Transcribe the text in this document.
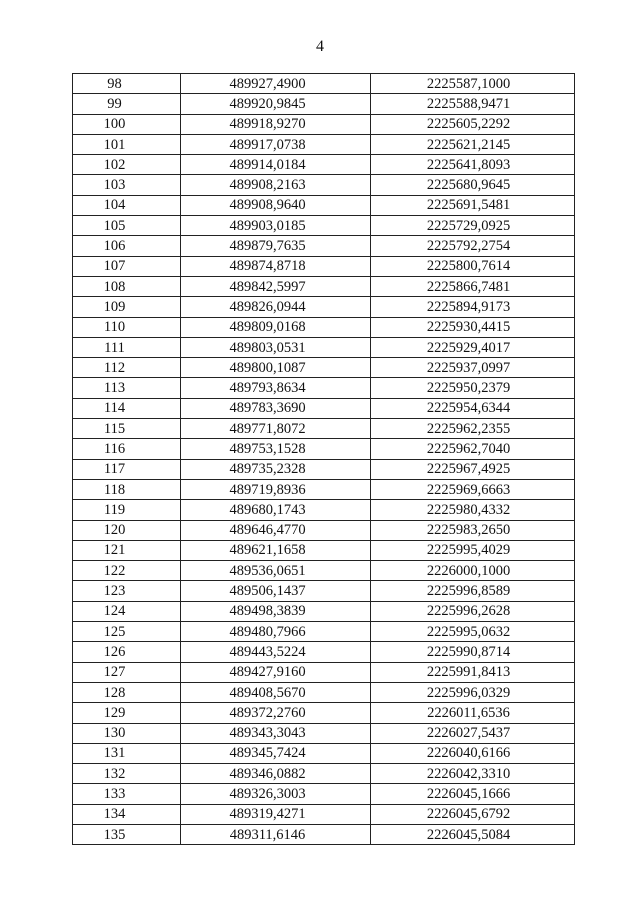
4
98	489927,4900	2225587,1000
99	489920,9845	2225588,9471
100	489918,9270	2225605,2292
101	489917,0738	2225621,2145
102	489914,0184	2225641,8093
103	489908,2163	2225680,9645
104	489908,9640	2225691,5481
105	489903,0185	2225729,0925
106	489879,7635	2225792,2754
107	489874,8718	2225800,7614
108	489842,5997	2225866,7481
109	489826,0944	2225894,9173
110	489809,0168	2225930,4415
111	489803,0531	2225929,4017
112	489800,1087	2225937,0997
113	489793,8634	2225950,2379
114	489783,3690	2225954,6344
115	489771,8072	2225962,2355
116	489753,1528	2225962,7040
117	489735,2328	2225967,4925
118	489719,8936	2225969,6663
119	489680,1743	2225980,4332
120	489646,4770	2225983,2650
121	489621,1658	2225995,4029
122	489536,0651	2226000,1000
123	489506,1437	2225996,8589
124	489498,3839	2225996,2628
125	489480,7966	2225995,0632
126	489443,5224	2225990,8714
127	489427,9160	2225991,8413
128	489408,5670	2225996,0329
129	489372,2760	2226011,6536
130	489343,3043	2226027,5437
131	489345,7424	2226040,6166
132	489346,0882	2226042,3310
133	489326,3003	2226045,1666
134	489319,4271	2226045,6792
135	489311,6146	2226045,5084
